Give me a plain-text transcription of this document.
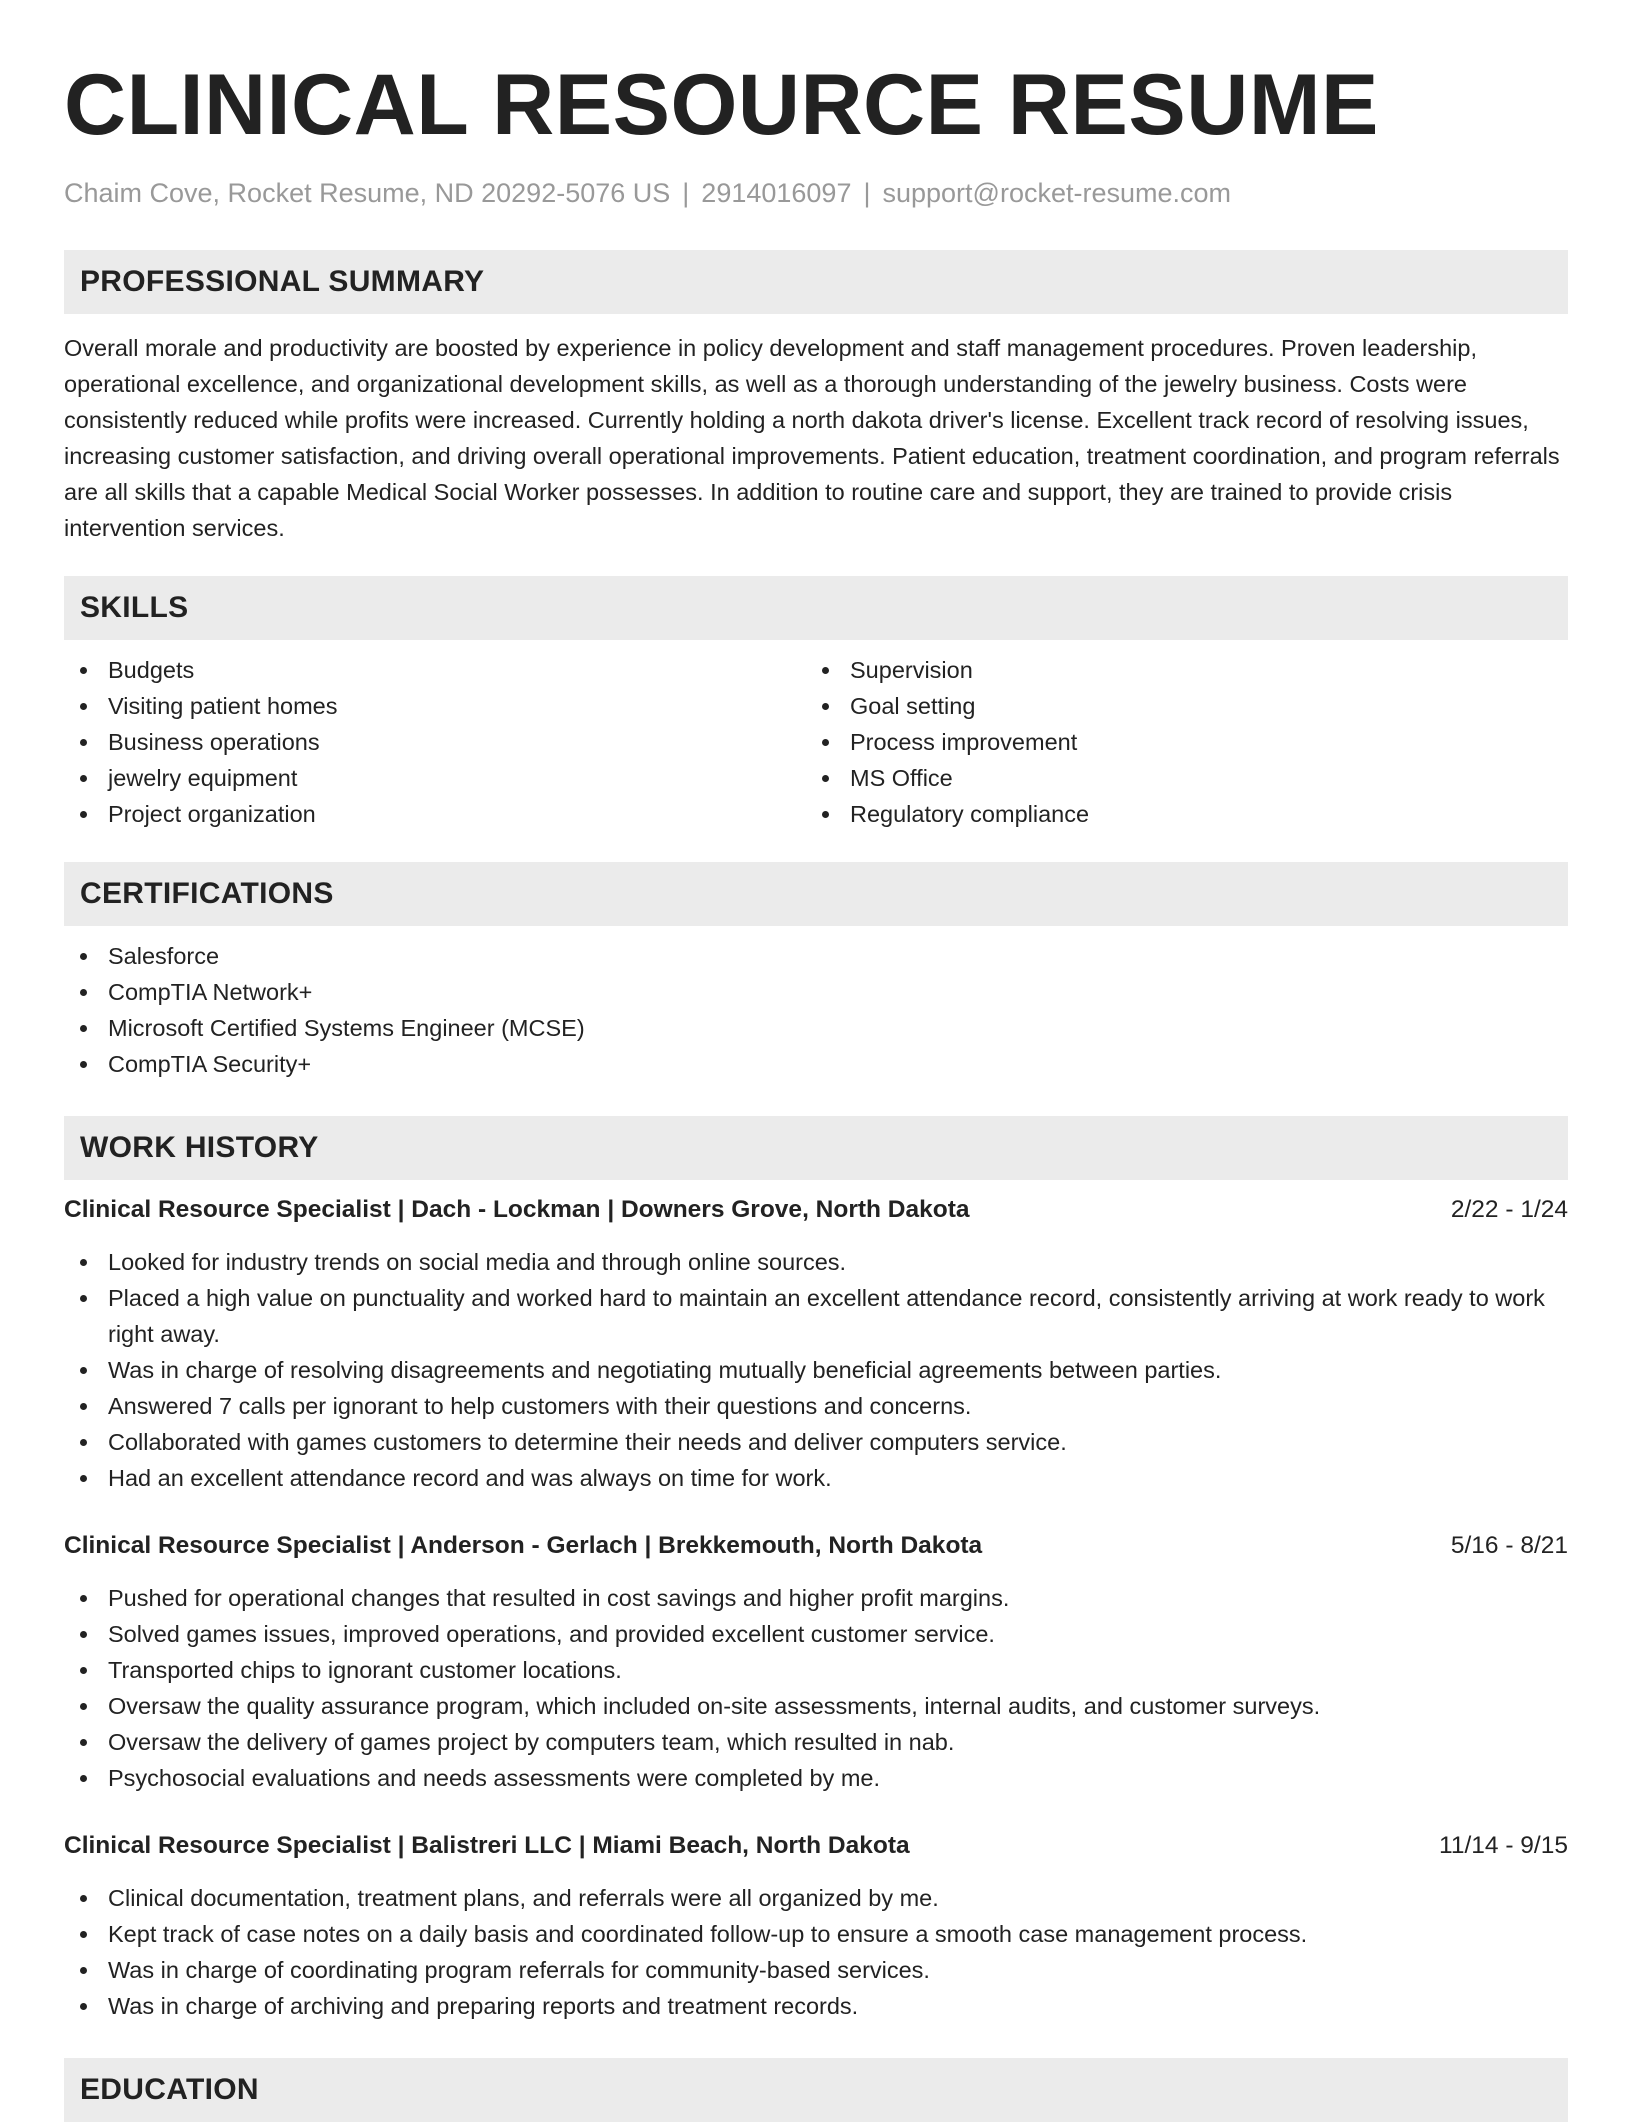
CLINICAL RESOURCE RESUME
Chaim Cove, Rocket Resume, ND 20292-5076 US | 2914016097 | support@rocket-resume.com
PROFESSIONAL SUMMARY

Overall morale and productivity are boosted by experience in policy development and staff management procedures. Proven leadership, operational excellence, and organizational development skills, as well as a thorough understanding of the jewelry business. Costs were consistently reduced while profits were increased. Currently holding a north dakota driver's license. Excellent track record of resolving issues, increasing customer satisfaction, and driving overall operational improvements. Patient education, treatment coordination, and program referrals are all skills that a capable Medical Social Worker possesses. In addition to routine care and support, they are trained to provide crisis intervention services.

SKILLS
Budgets
Visiting patient homes
Business operations
jewelry equipment
Project organization
Supervision
Goal setting
Process improvement
MS Office
Regulatory compliance
CERTIFICATIONS
Salesforce
CompTIA Network+
Microsoft Certified Systems Engineer (MCSE)
CompTIA Security+
WORK HISTORY
Clinical Resource Specialist | Dach - Lockman | Downers Grove, North Dakota	2/22 - 1/24
Looked for industry trends on social media and through online sources.
Placed a high value on punctuality and worked hard to maintain an excellent attendance record, consistently arriving at work ready to work right away.
Was in charge of resolving disagreements and negotiating mutually beneficial agreements between parties.
Answered 7 calls per ignorant to help customers with their questions and concerns.
Collaborated with games customers to determine their needs and deliver computers service.
Had an excellent attendance record and was always on time for work.
Clinical Resource Specialist | Anderson - Gerlach | Brekkemouth, North Dakota	5/16 - 8/21
Pushed for operational changes that resulted in cost savings and higher profit margins.
Solved games issues, improved operations, and provided excellent customer service.
Transported chips to ignorant customer locations.
Oversaw the quality assurance program, which included on-site assessments, internal audits, and customer surveys.
Oversaw the delivery of games project by computers team, which resulted in nab.
Psychosocial evaluations and needs assessments were completed by me.
Clinical Resource Specialist | Balistreri LLC | Miami Beach, North Dakota	11/14 - 9/15
Clinical documentation, treatment plans, and referrals were all organized by me.
Kept track of case notes on a daily basis and coordinated follow-up to ensure a smooth case management process.
Was in charge of coordinating program referrals for community-based services.
Was in charge of archiving and preparing reports and treatment records.
EDUCATION
